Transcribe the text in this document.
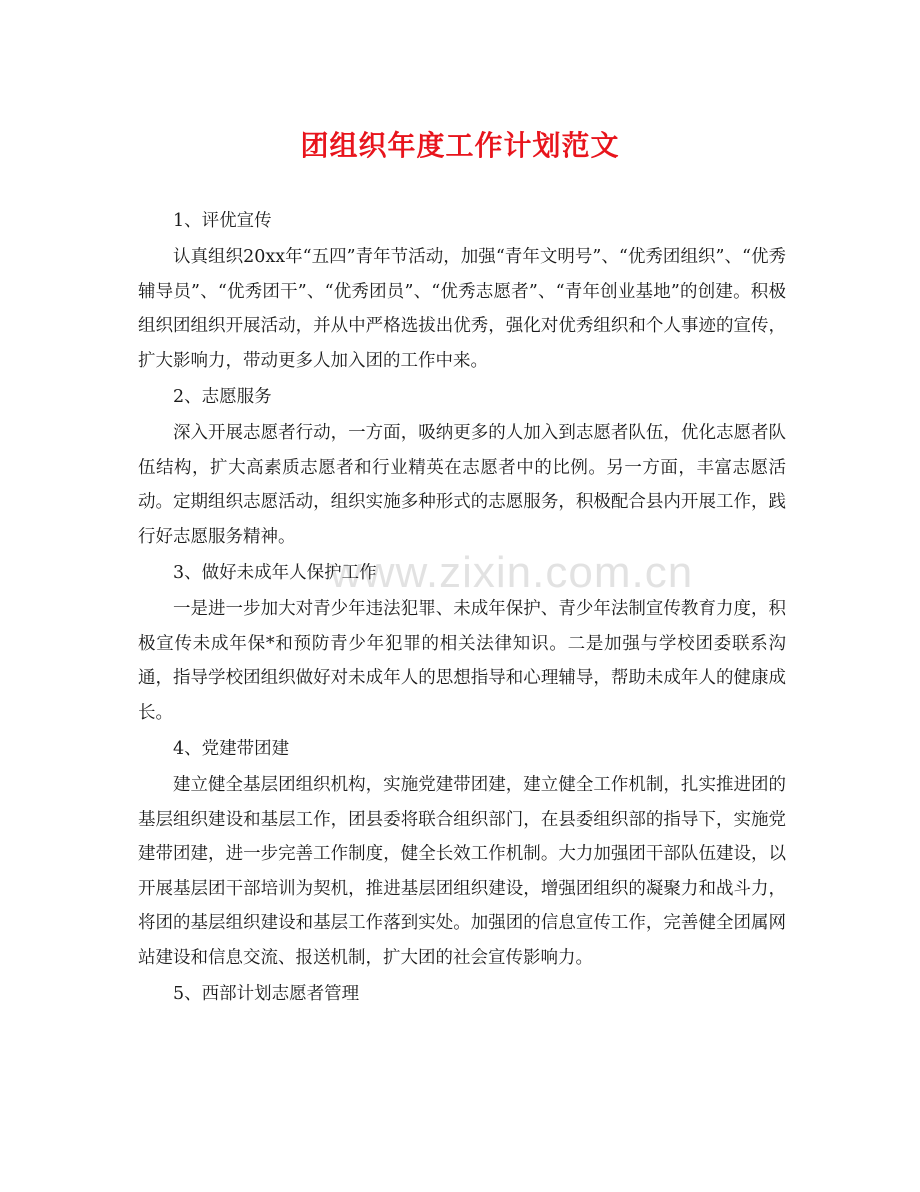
团组织年度工作计划范文
www.zixin.com.cn
1、评优宣传
认真组织20xx年“五四”青年节活动，加强“青年文明号”、“优秀团组织”、“优秀辅导员”、“优秀团干”、“优秀团员”、“优秀志愿者”、“青年创业基地”的创建。积极组织团组织开展活动，并从中严格选拔出优秀，强化对优秀组织和个人事迹的宣传，扩大影响力，带动更多人加入团的工作中来。
2、志愿服务
深入开展志愿者行动，一方面，吸纳更多的人加入到志愿者队伍，优化志愿者队伍结构，扩大高素质志愿者和行业精英在志愿者中的比例。另一方面，丰富志愿活动。定期组织志愿活动，组织实施多种形式的志愿服务，积极配合县内开展工作，践行好志愿服务精神。
3、做好未成年人保护工作
一是进一步加大对青少年违法犯罪、未成年保护、青少年法制宣传教育力度，积极宣传未成年保*和预防青少年犯罪的相关法律知识。二是加强与学校团委联系沟通，指导学校团组织做好对未成年人的思想指导和心理辅导，帮助未成年人的健康成长。
4、党建带团建
建立健全基层团组织机构，实施党建带团建，建立健全工作机制，扎实推进团的基层组织建设和基层工作，团县委将联合组织部门，在县委组织部的指导下，实施党建带团建，进一步完善工作制度，健全长效工作机制。大力加强团干部队伍建设，以开展基层团干部培训为契机，推进基层团组织建设，增强团组织的凝聚力和战斗力，将团的基层组织建设和基层工作落到实处。加强团的信息宣传工作，完善健全团属网站建设和信息交流、报送机制，扩大团的社会宣传影响力。
5、西部计划志愿者管理
